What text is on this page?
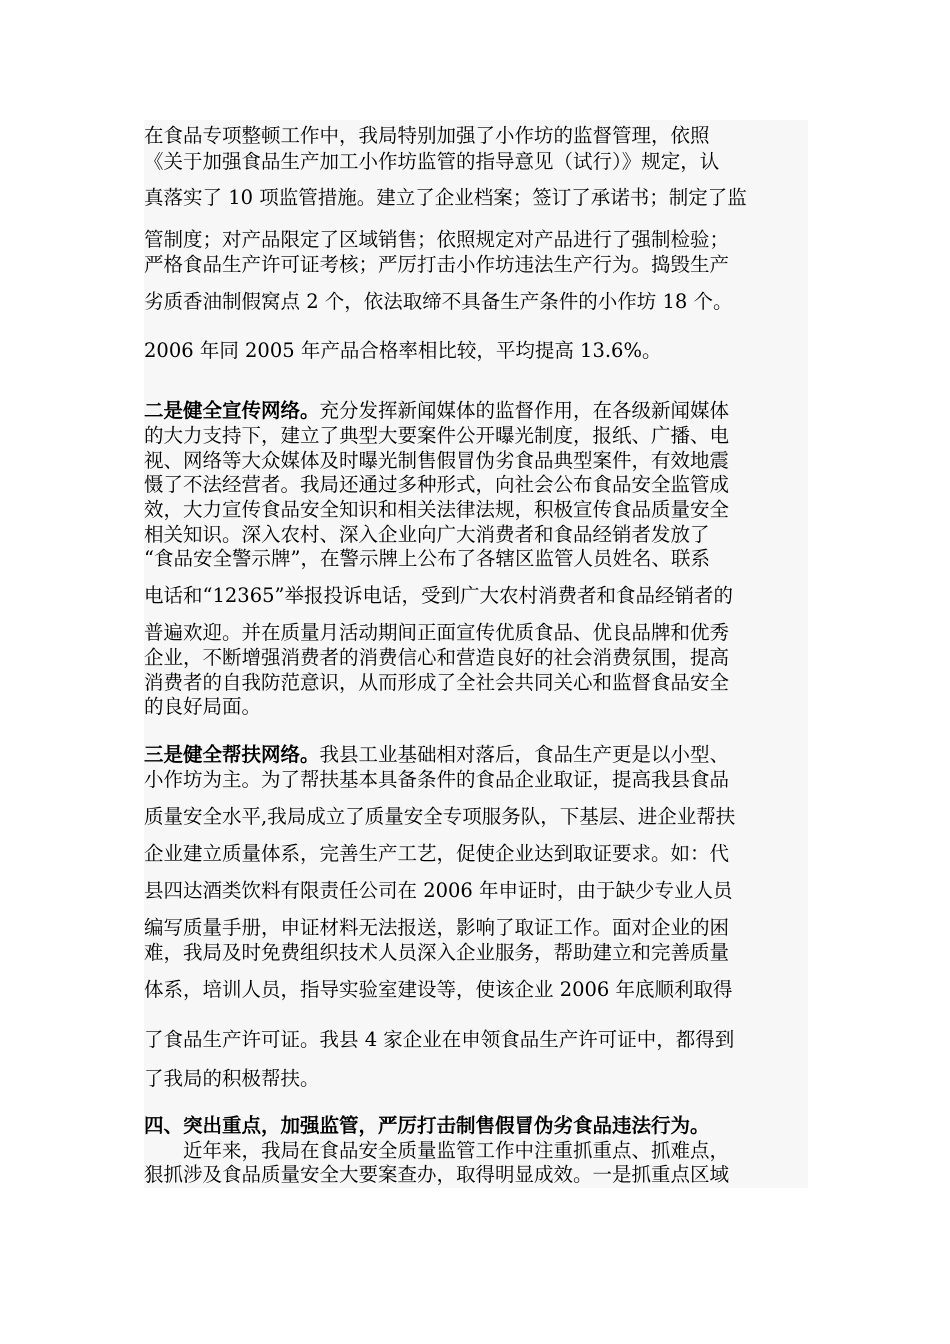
在食品专项整顿工作中，我局特别加强了小作坊的监督管理，依照
《关于加强食品生产加工小作坊监管的指导意见（试行）》规定，认
真落实了 10 项监管措施。建立了企业档案；签订了承诺书；制定了监
管制度；对产品限定了区域销售；依照规定对产品进行了强制检验；
严格食品生产许可证考核；严厉打击小作坊违法生产行为。捣毁生产
劣质香油制假窝点 2 个，依法取缔不具备生产条件的小作坊 18 个。
2006 年同 2005 年产品合格率相比较，平均提高 13.6%。
二是健全宣传网络。充分发挥新闻媒体的监督作用，在各级新闻媒体
的大力支持下，建立了典型大要案件公开曝光制度，报纸、广播、电
视、网络等大众媒体及时曝光制售假冒伪劣食品典型案件，有效地震
慑了不法经营者。我局还通过多种形式，向社会公布食品安全监管成
效，大力宣传食品安全知识和相关法律法规，积极宣传食品质量安全
相关知识。深入农村、深入企业向广大消费者和食品经销者发放了
“食品安全警示牌”，在警示牌上公布了各辖区监管人员姓名、联系
电话和“12365”举报投诉电话，受到广大农村消费者和食品经销者的
普遍欢迎。并在质量月活动期间正面宣传优质食品、优良品牌和优秀
企业，不断增强消费者的消费信心和营造良好的社会消费氛围，提高
消费者的自我防范意识，从而形成了全社会共同关心和监督食品安全
的良好局面。
三是健全帮扶网络。我县工业基础相对落后，食品生产更是以小型、
小作坊为主。为了帮扶基本具备条件的食品企业取证，提高我县食品
质量安全水平,我局成立了质量安全专项服务队，下基层、进企业帮扶
企业建立质量体系，完善生产工艺，促使企业达到取证要求。如：代
县四达酒类饮料有限责任公司在 2006 年申证时，由于缺少专业人员
编写质量手册，申证材料无法报送，影响了取证工作。面对企业的困
难，我局及时免费组织技术人员深入企业服务，帮助建立和完善质量
体系，培训人员，指导实验室建设等，使该企业 2006 年底顺利取得
了食品生产许可证。我县 4 家企业在申领食品生产许可证中，都得到
了我局的积极帮扶。
四、突出重点，加强监管，严厉打击制售假冒伪劣食品违法行为。
　　近年来，我局在食品安全质量监管工作中注重抓重点、抓难点，
狠抓涉及食品质量安全大要案查办，取得明显成效。一是抓重点区域
